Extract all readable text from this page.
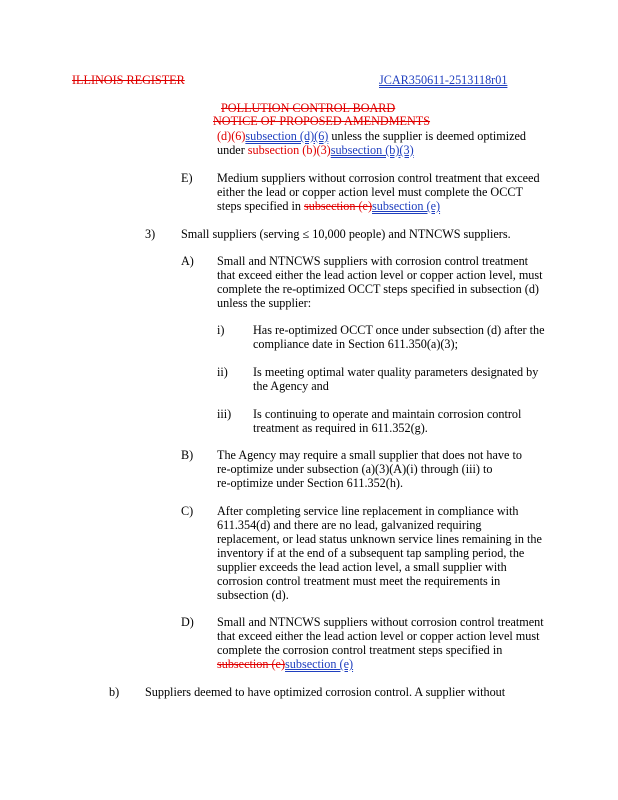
ILLINOIS REGISTER	JCAR350611-2513118r01
POLLUTION CONTROL BOARD
NOTICE OF PROPOSED AMENDMENTS
(d)(6)subsection (d)(6) unless the supplier is deemed optimized
under subsection (b)(3)subsection (b)(3)
E) Medium suppliers without corrosion control treatment that exceed
either the lead or copper action level must complete the OCCT
steps specified in subsection (e)subsection (e)
3) Small suppliers (serving ≤ 10,000 people) and NTNCWS suppliers.
A) Small and NTNCWS suppliers with corrosion control treatment
that exceed either the lead action level or copper action level, must
complete the re-optimized OCCT steps specified in subsection (d)
unless the supplier:
i) Has re-optimized OCCT once under subsection (d) after the
compliance date in Section 611.350(a)(3);
ii) Is meeting optimal water quality parameters designated by
the Agency and
iii) Is continuing to operate and maintain corrosion control
treatment as required in 611.352(g).
B) The Agency may require a small supplier that does not have to
re-optimize under subsection (a)(3)(A)(i) through (iii) to
re-optimize under Section 611.352(h).
C) After completing service line replacement in compliance with
611.354(d) and there are no lead, galvanized requiring
replacement, or lead status unknown service lines remaining in the
inventory if at the end of a subsequent tap sampling period, the
supplier exceeds the lead action level, a small supplier with
corrosion control treatment must meet the requirements in
subsection (d).
D) Small and NTNCWS suppliers without corrosion control treatment
that exceed either the lead action level or copper action level must
complete the corrosion control treatment steps specified in
subsection (e)subsection (e)
b) Suppliers deemed to have optimized corrosion control. A supplier without
